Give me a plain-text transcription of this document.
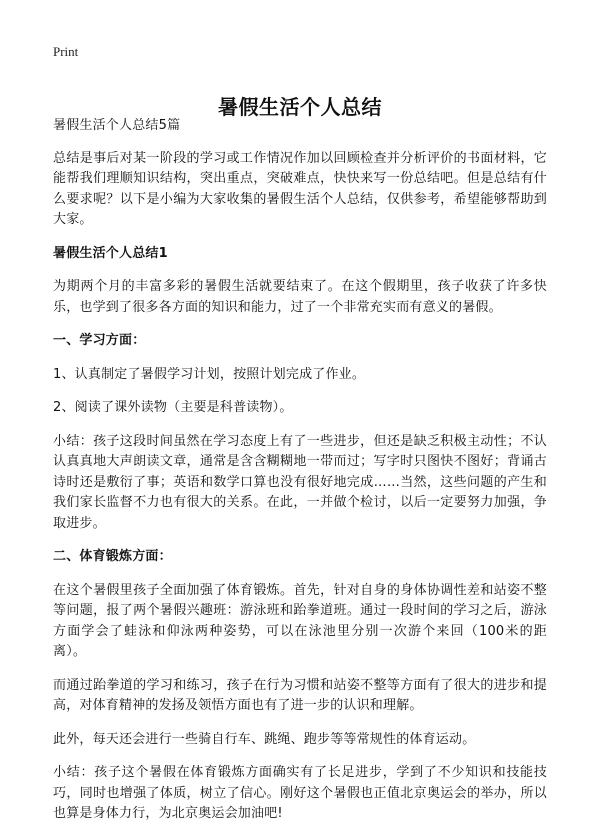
Print
暑假生活个人总结

暑假生活个人总结5篇

总结是事后对某一阶段的学习或工作情况作加以回顾检查并分析评价的书面材料，它能帮我们理顺知识结构，突出重点，突破难点，快快来写一份总结吧。但是总结有什么要求呢？以下是小编为大家收集的暑假生活个人总结，仅供参考，希望能够帮助到大家。

暑假生活个人总结1

为期两个月的丰富多彩的暑假生活就要结束了。在这个假期里，孩子收获了许多快乐，也学到了很多各方面的知识和能力，过了一个非常充实而有意义的暑假。

一、学习方面：

1、认真制定了暑假学习计划，按照计划完成了作业。

2、阅读了课外读物（主要是科普读物）。

小结：孩子这段时间虽然在学习态度上有了一些进步，但还是缺乏积极主动性；不认认真真地大声朗读文章，通常是含含糊糊地一带而过；写字时只图快不图好；背诵古诗时还是敷衍了事；英语和数学口算也没有很好地完成……当然，这些问题的产生和我们家长监督不力也有很大的关系。在此，一并做个检讨，以后一定要努力加强，争取进步。

二、体育锻炼方面：

在这个暑假里孩子全面加强了体育锻炼。首先，针对自身的身体协调性差和站姿不整等问题，报了两个暑假兴趣班：游泳班和跆拳道班。通过一段时间的学习之后，游泳方面学会了蛙泳和仰泳两种姿势，可以在泳池里分别一次游个来回（100米的距离）。

而通过跆拳道的学习和练习，孩子在行为习惯和站姿不整等方面有了很大的进步和提高，对体育精神的发扬及领悟方面也有了进一步的认识和理解。

此外，每天还会进行一些骑自行车、跳绳、跑步等等常规性的体育运动。

小结：孩子这个暑假在体育锻炼方面确实有了长足进步，学到了不少知识和技能技巧，同时也增强了体质，树立了信心。刚好这个暑假也正值北京奥运会的举办，所以也算是身体力行，为北京奥运会加油吧!
